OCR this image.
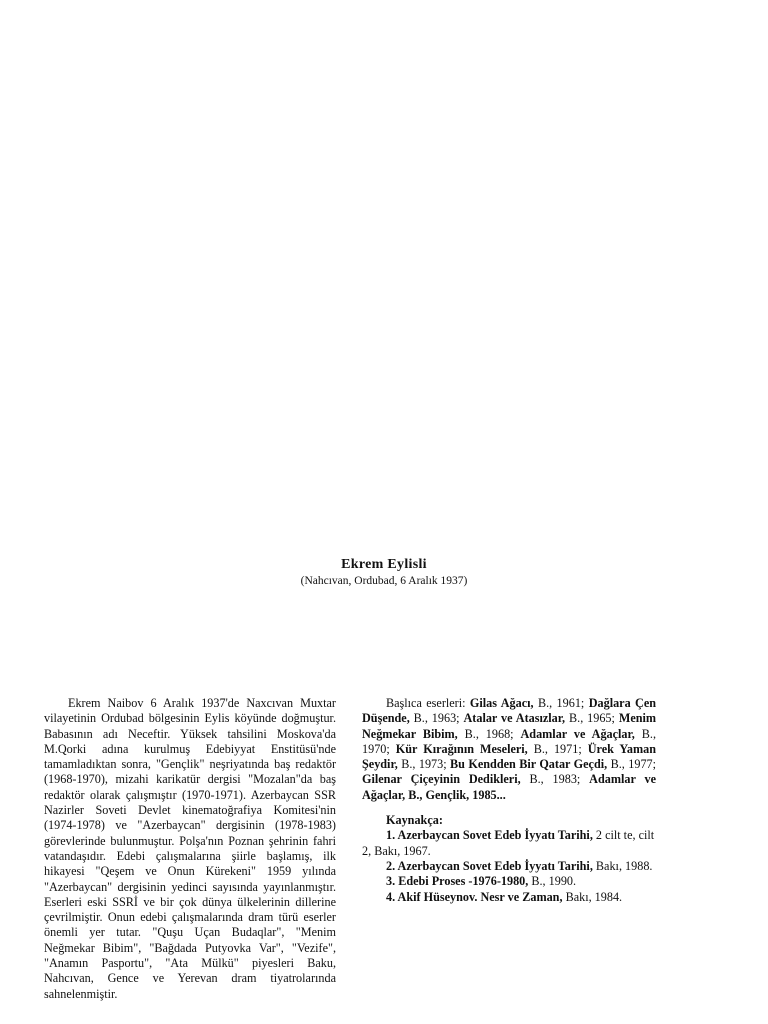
Ekrem Eylisli
(Nahcıvan, Ordubad, 6 Aralık 1937)

Ekrem Naibov 6 Aralık 1937'de Naxcıvan Muxtar vilayetinin Ordubad bölgesinin Eylis köyünde doğmuştur. Babasının adı Neceftir. Yüksek tahsilini Moskova'da M.Qorki adına kurulmuş Edebiyyat Enstitüsü'nde tamamladıktan sonra, "Gençlik" neşriyatında baş redaktör (1968-1970), mizahi karikatür dergisi "Mozalan"da baş redaktör olarak çalışmıştır (1970-1971). Azerbaycan SSR Nazirler Soveti Devlet kinematoğrafiya Komitesi'nin (1974-1978) ve "Azerbaycan" dergisinin (1978-1983) görevlerinde bulunmuştur. Polşa'nın Poznan şehrinin fahri vatandaşıdır. Edebi çalışmalarına şiirle başlamış, ilk hikayesi "Qeşem ve Onun Kürekeni" 1959 yılında "Azerbaycan" dergisinin yedinci sayısında yayınlanmıştır. Eserleri eski SSRİ ve bir çok dünya ülkelerinin dillerine çevrilmiştir. Onun edebi çalışmalarında dram türü eserler önemli yer tutar. "Quşu Uçan Budaqlar", "Menim Neğmekar Bibim", "Bağdada Putyovka Var", "Vezife", "Anamın Pasportu", "Ata Mülkü" piyesleri Baku, Nahcıvan, Gence ve Yerevan dram tiyatrolarında sahnelenmiştir.

Başlıca eserleri: Gilas Ağacı, B., 1961; Dağlara Çen Düşende, B., 1963; Atalar ve Atasızlar, B., 1965; Menim Neğmekar Bibim, B., 1968; Adamlar ve Ağaçlar, B., 1970; Kür Kırağının Meseleri, B., 1971; Ürek Yaman Şeydir, B., 1973; Bu Kendden Bir Qatar Geçdi, B., 1977; Gilenar Çiçeyinin Dedikleri, B., 1983; Adamlar ve Ağaçlar, B., Gençlik, 1985...

Kaynakça:

1. Azerbaycan Sovet Edeb İyyatı Tarihi, 2 cilt te, cilt 2, Bakı, 1967.

2. Azerbaycan Sovet Edeb İyyatı Tarihi, Bakı, 1988.

3. Edebi Proses -1976-1980, B., 1990.

4. Akif Hüseynov. Nesr ve Zaman, Bakı, 1984.
